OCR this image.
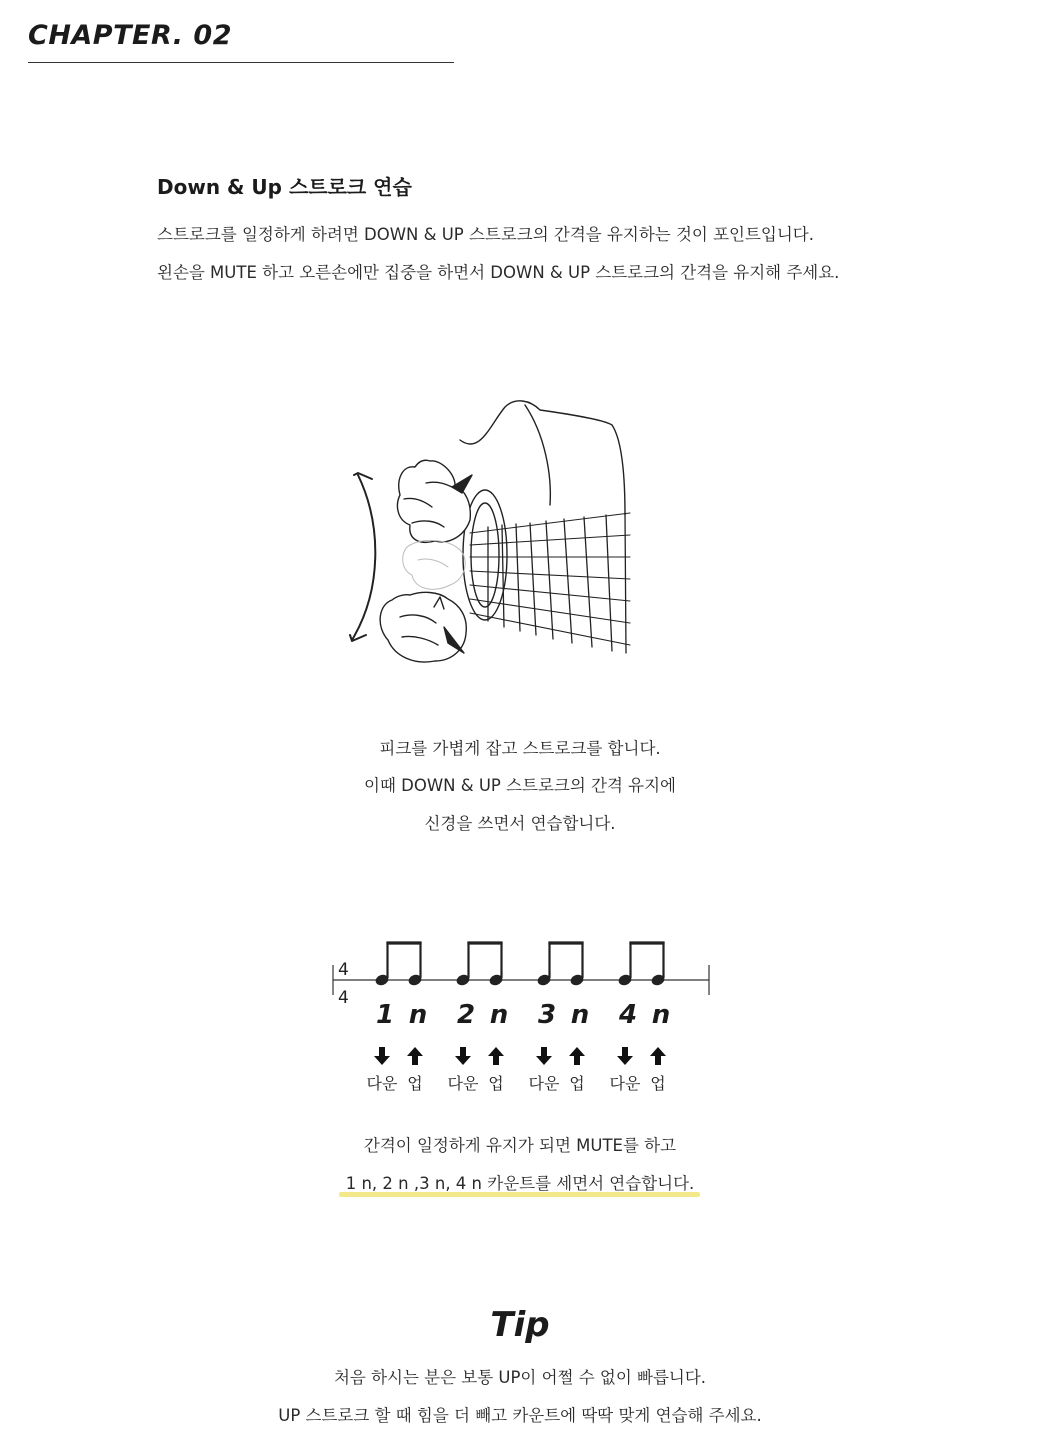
CHAPTER. 02
Down & Up 스트로크 연습
스트로크를 일정하게 하려면 DOWN & UP 스트로크의 간격을 유지하는 것이 포인트입니다.
왼손을 MUTE 하고 오른손에만 집중을 하면서 DOWN & UP 스트로크의 간격을 유지해 주세요.
피크를 가볍게 잡고 스트로크를 합니다.
이때 DOWN & UP 스트로크의 간격 유지에
신경을 쓰면서 연습합니다.
4
4
1 n
다운 업
2 n
다운 업
3 n
다운 업
4 n
다운 업
간격이 일정하게 유지가 되면 MUTE를 하고
1 n, 2 n ,3 n, 4 n 카운트를 세면서 연습합니다.
Tip
처음 하시는 분은 보통 UP이 어쩔 수 없이 빠릅니다.
UP 스트로크 할 때 힘을 더 빼고 카운트에 딱딱 맞게 연습해 주세요.
